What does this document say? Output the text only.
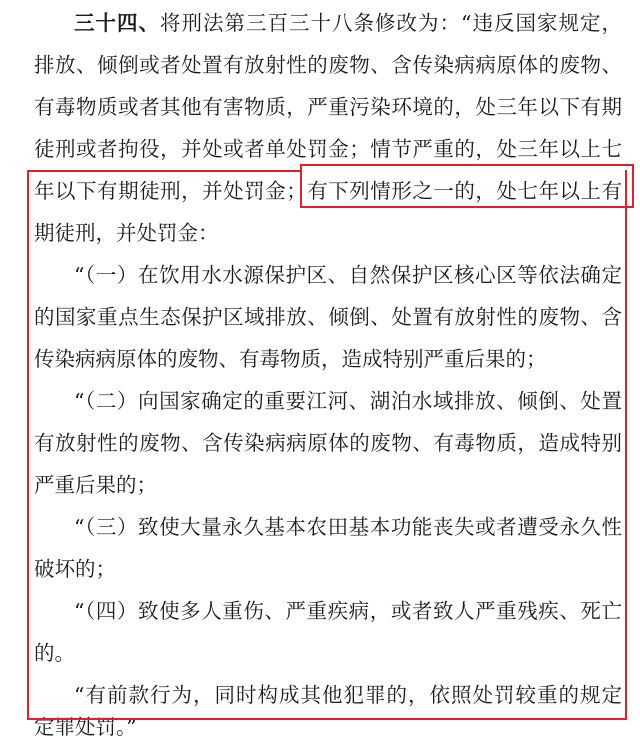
三十四、将刑法第三百三十八条修改为：“违反国家规定，
排放、倾倒或者处置有放射性的废物、含传染病病原体的废物、
有毒物质或者其他有害物质，严重污染环境的，处三年以下有期
徒刑或者拘役，并处或者单处罚金；情节严重的，处三年以上七
年以下有期徒刑，并处罚金；有下列情形之一的，处七年以上有
期徒刑，并处罚金：
“（一）在饮用水水源保护区、自然保护区核心区等依法确定
的国家重点生态保护区域排放、倾倒、处置有放射性的废物、含
传染病病原体的废物、有毒物质，造成特别严重后果的；
“（二）向国家确定的重要江河、湖泊水域排放、倾倒、处置
有放射性的废物、含传染病病原体的废物、有毒物质，造成特别
严重后果的；
“（三）致使大量永久基本农田基本功能丧失或者遭受永久性
破坏的；
“（四）致使多人重伤、严重疾病，或者致人严重残疾、死亡
的。
“有前款行为，同时构成其他犯罪的，依照处罚较重的规定
定罪处罚。”
